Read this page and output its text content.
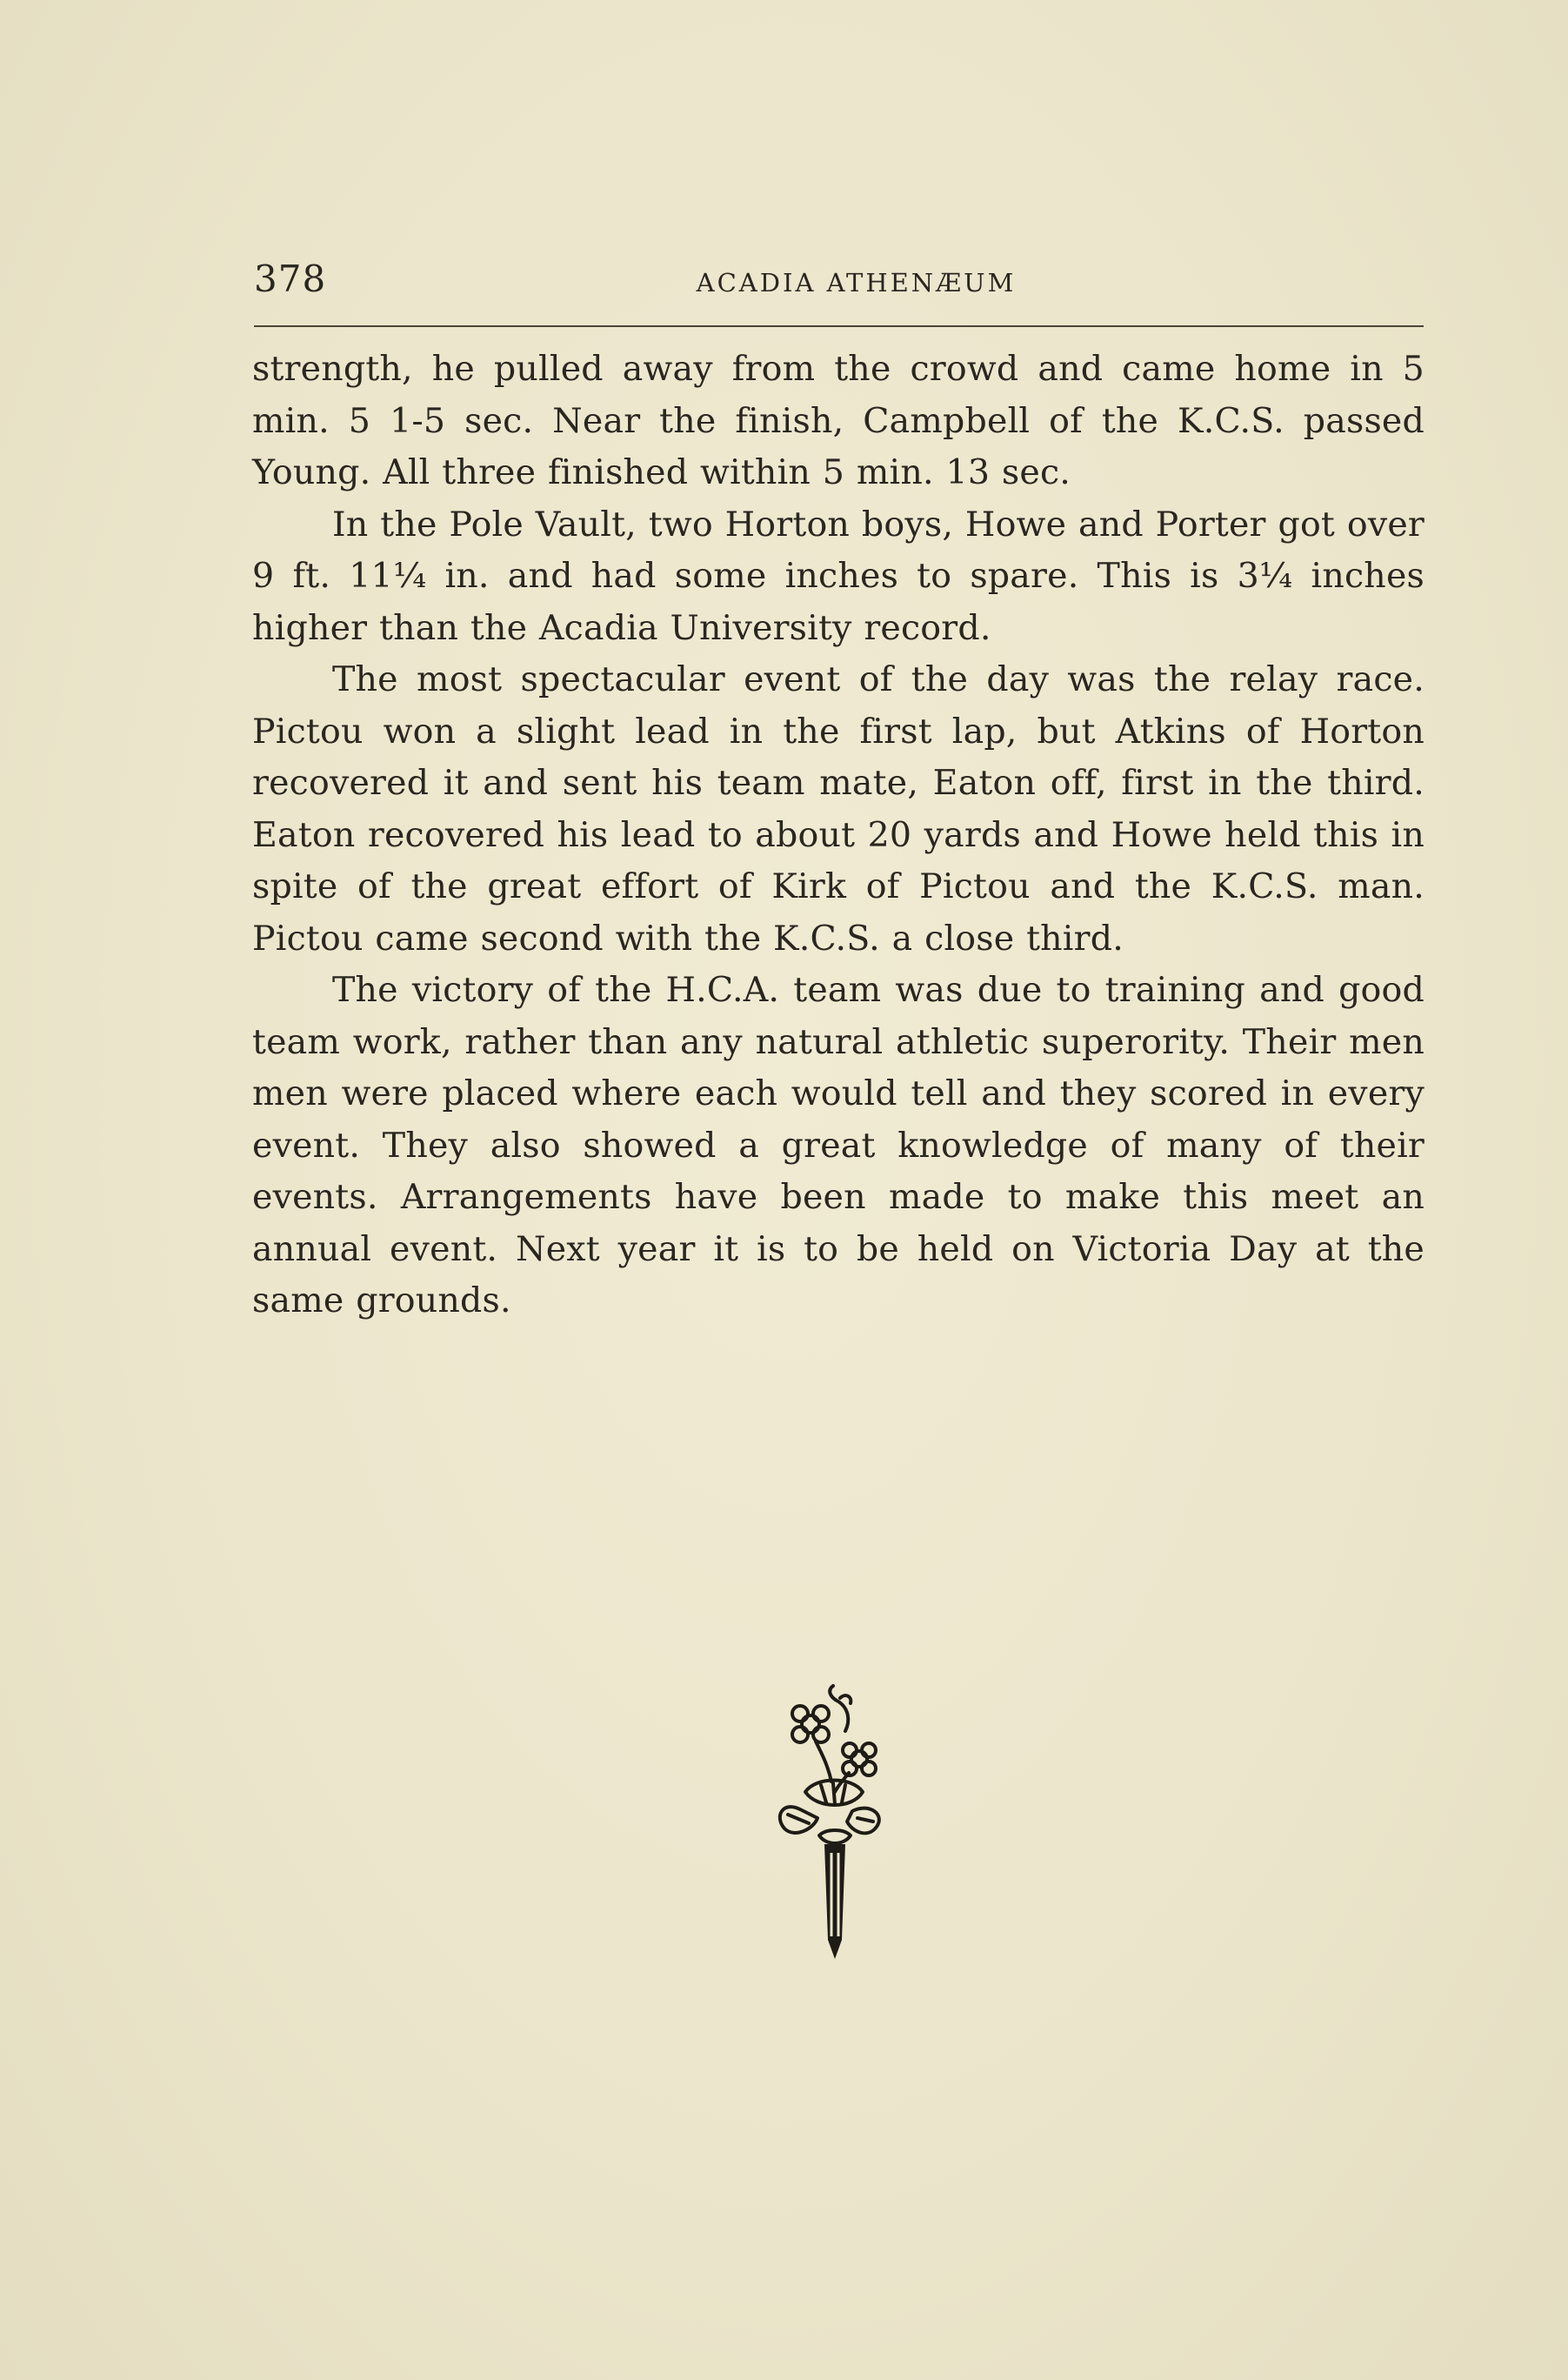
378	ACADIA ATHENÆUM

strength, he pulled away from the crowd and came home in 5 min. 5 1-5 sec. Near the finish, Campbell of the K.C.S. passed Young. All three finished within 5 min. 13 sec.

In the Pole Vault, two Horton boys, Howe and Porter got over 9 ft. 11¼ in. and had some inches to spare. This is 3¼ inches higher than the Acadia University record.

The most spectacular event of the day was the relay race. Pictou won a slight lead in the first lap, but Atkins of Horton recovered it and sent his team mate, Eaton off, first in the third. Eaton recovered his lead to about 20 yards and Howe held this in spite of the great effort of Kirk of Pictou and the K.C.S. man. Pictou came second with the K.C.S. a close third.

The victory of the H.C.A. team was due to training and good team work, rather than any natural athletic superority. Their men men were placed where each would tell and they scored in every event. They also showed a great knowledge of many of their events. Arrangements have been made to make this meet an annual event. Next year it is to be held on Victoria Day at the same grounds.
